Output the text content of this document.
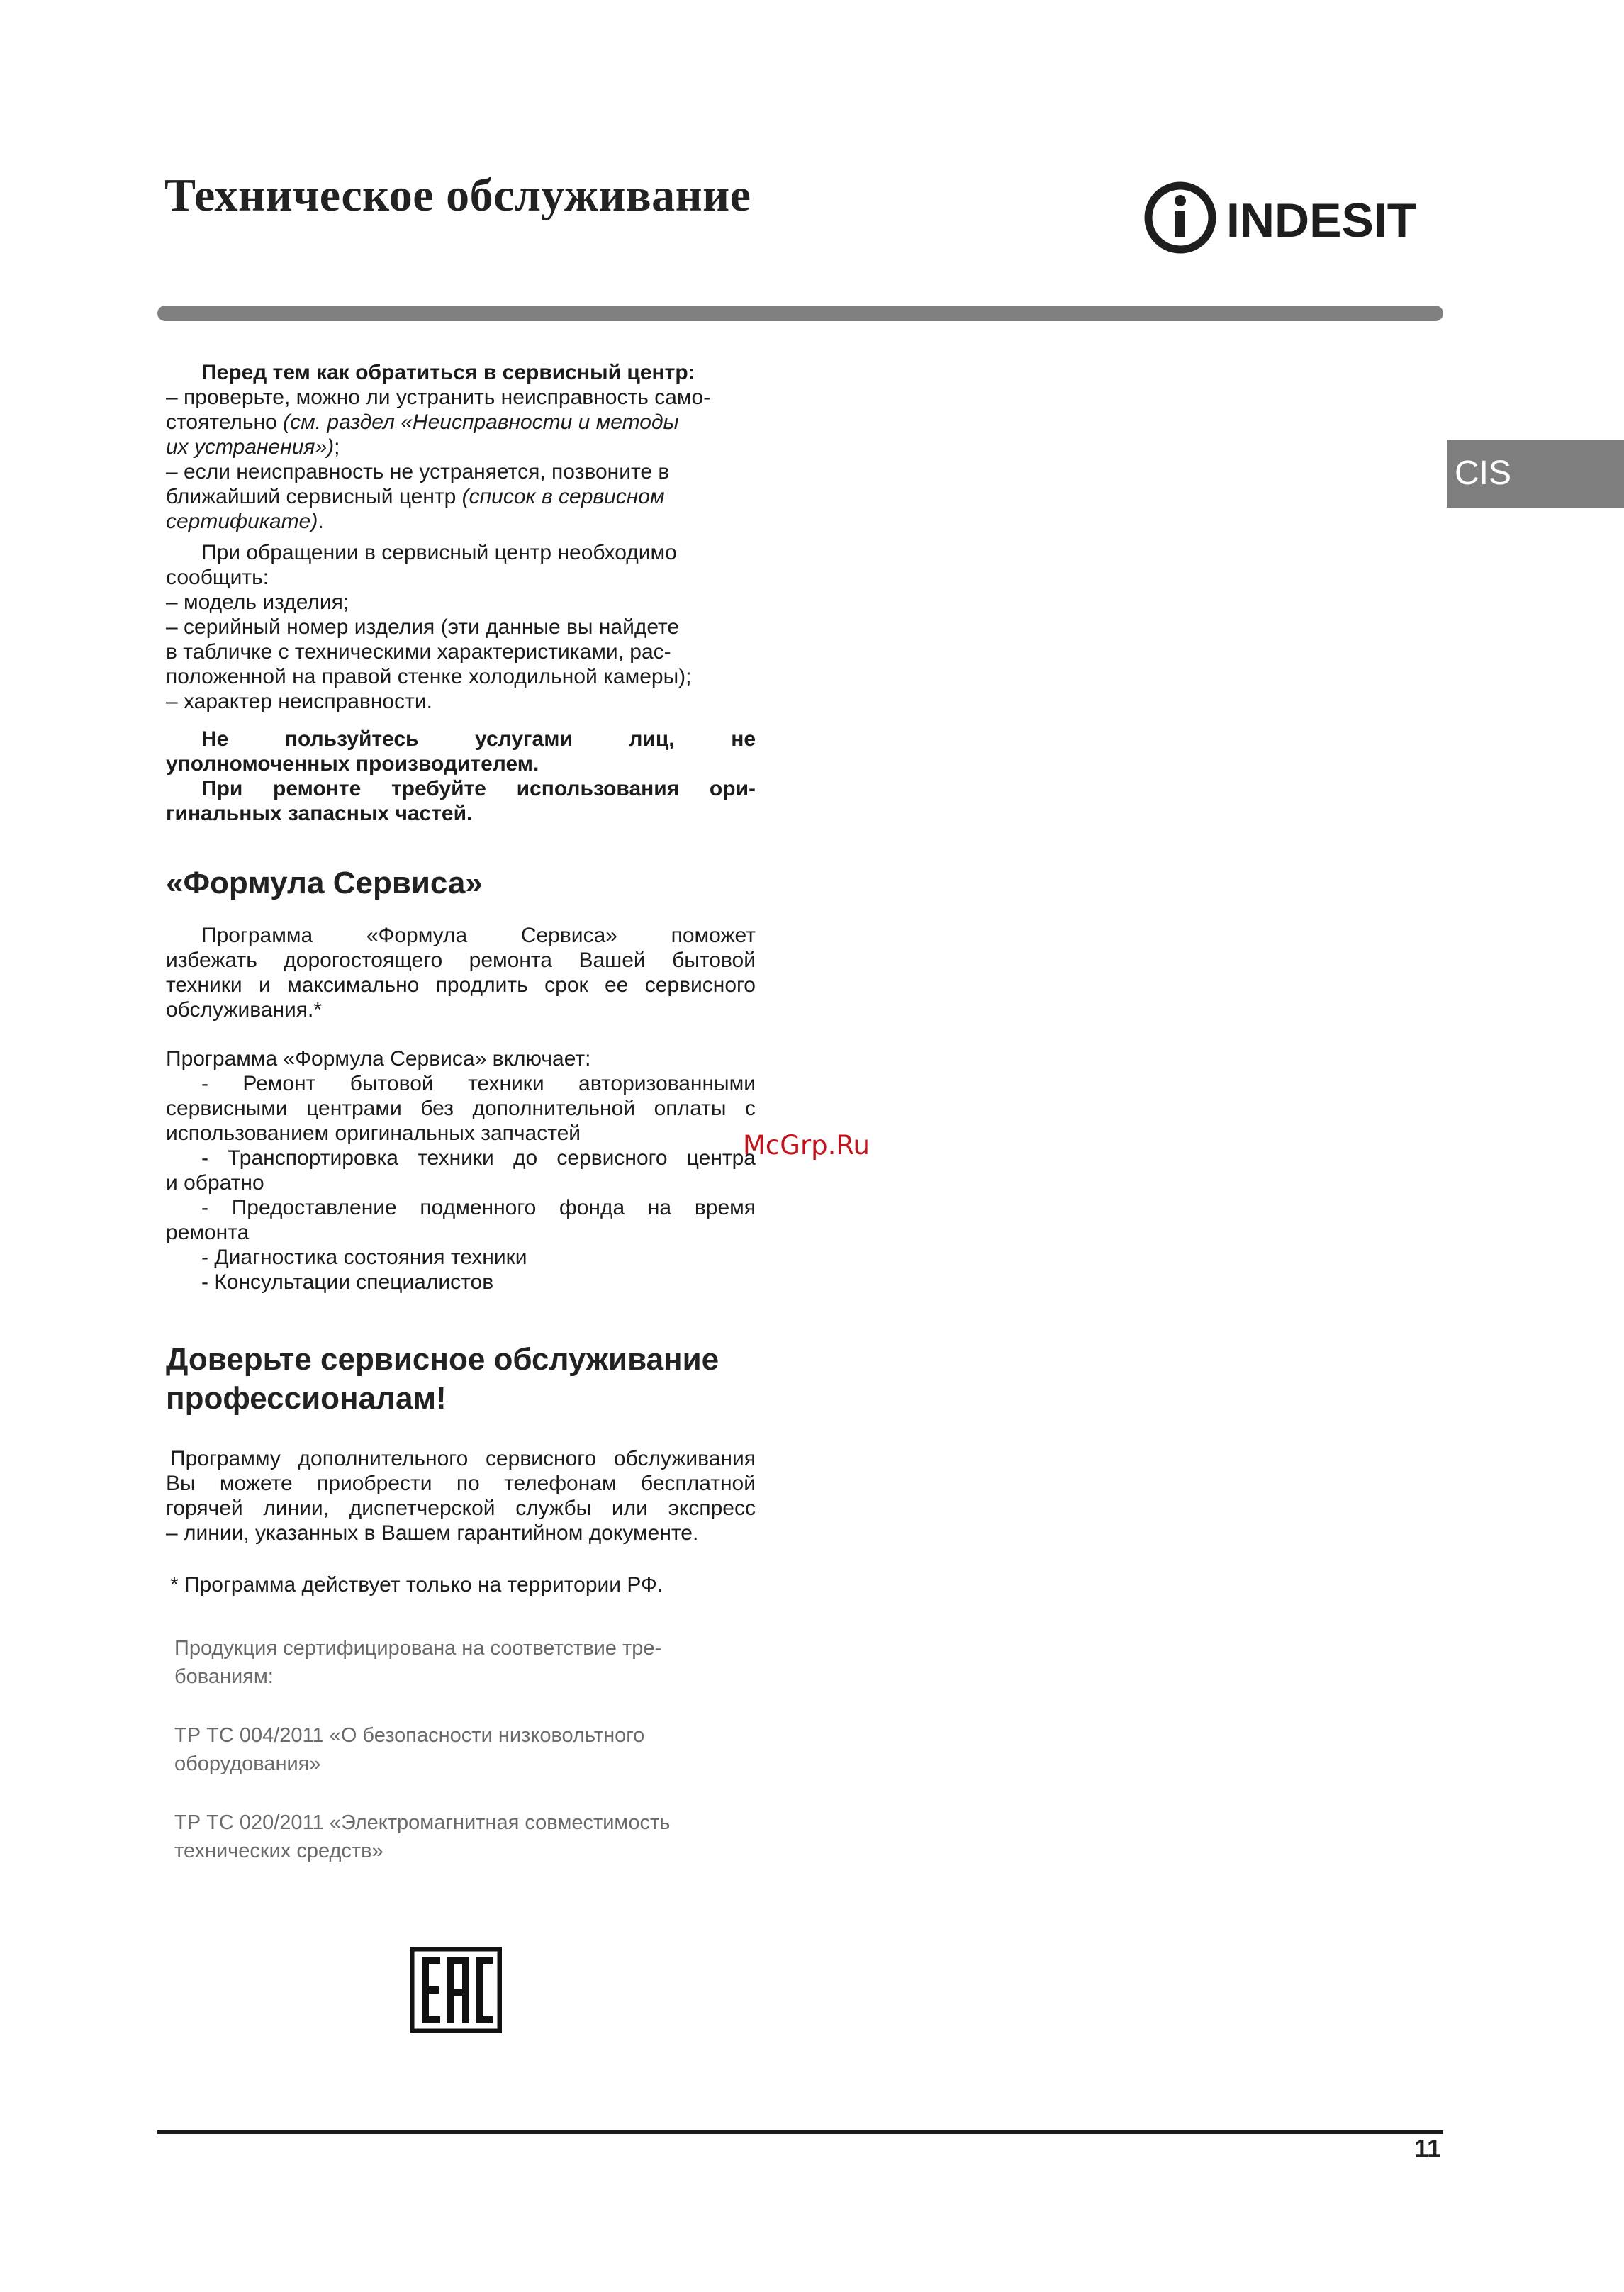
Техническое обслуживание	INDESIT
CIS

Перед тем как обратиться в сервисный центр:

– проверьте, можно ли устранить неисправность само-

стоятельно (см. раздел «Неисправности и методы

их устранения»);

– если неисправность не устраняется, позвоните в

ближайший сервисный центр (список в сервисном

сертификате).

При обращении в сервисный центр необходимо

сообщить:

– модель изделия;

– серийный номер изделия (эти данные вы найдете

в табличке с техническими характеристиками, рас-

положенной на правой стенке холодильной камеры);

– характер неисправности.

Не пользуйтесь услугами лиц, не

уполномоченных производителем.

При ремонте требуйте использования ори-

гинальных запасных частей.

«Формула Сервиса»

Программа «Формула Сервиса» поможет

избежать дорогостоящего ремонта Вашей бытовой

техники и максимально продлить срок ее сервисного

обслуживания.*

Программа «Формула Сервиса» включает:

- Ремонт бытовой техники авторизованными

сервисными центрами без дополнительной оплаты с

использованием оригинальных запчастей

- Транспортировка техники до сервисного центра

и обратно

- Предоставление подменного фонда на время

ремонта

- Диагностика состояния техники

- Консультации специалистов

McGrp.Ru
Доверьте сервисное обслуживание
профессионалам!

Программу дополнительного сервисного обслуживания

Вы можете приобрести по телефонам бесплатной

горячей линии, диспетчерской службы или экспресс

– линии, указанных в Вашем гарантийном документе.

* Программа действует только на территории РФ.

Продукция сертифицирована на соответствие тре-

бованиям:

ТР ТС 004/2011 «О безопасности низковольтного

оборудования»

ТР ТС 020/2011 «Электромагнитная совместимость

технических средств»

11
